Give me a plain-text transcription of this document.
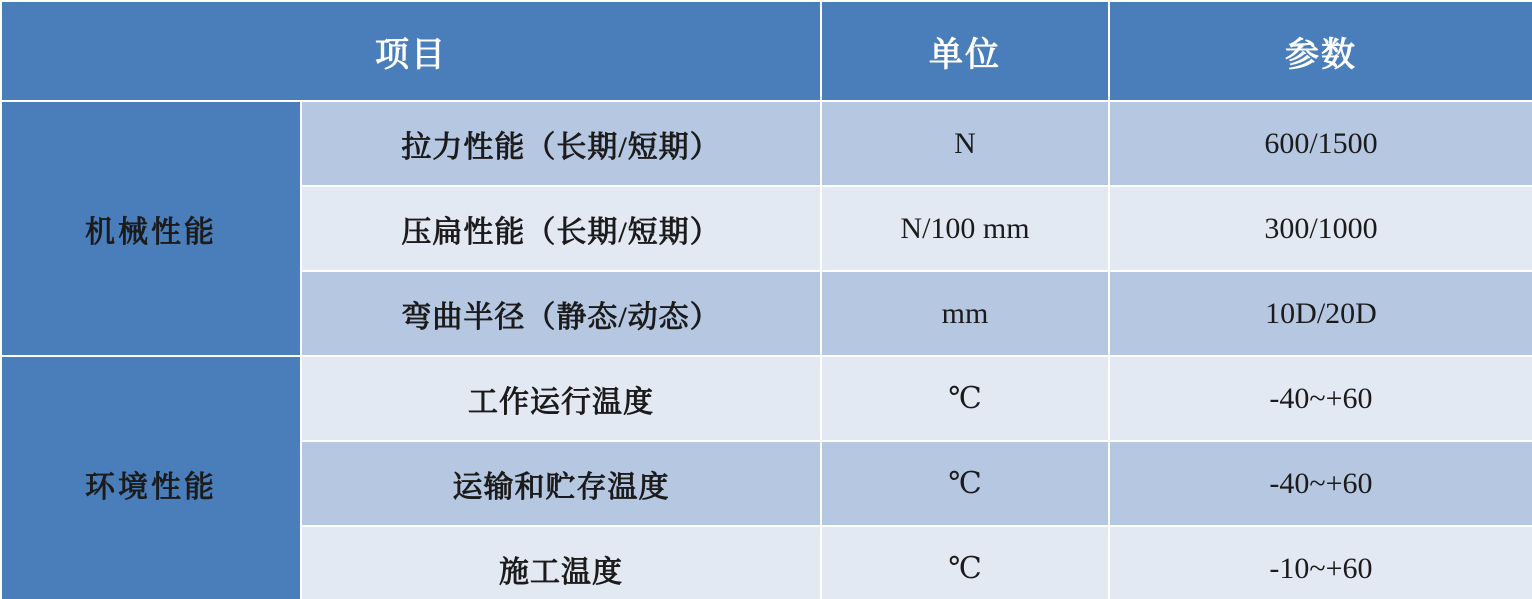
项目		单位	参数
机械性能	拉力性能（长期/短期）	N	600/1500
	压扁性能（长期/短期）	N/100 mm	300/1000
	弯曲半径（静态/动态）	mm	10D/20D
环境性能	工作运行温度	℃	-40~+60
	运输和贮存温度	℃	-40~+60
	施工温度	℃	-10~+60
